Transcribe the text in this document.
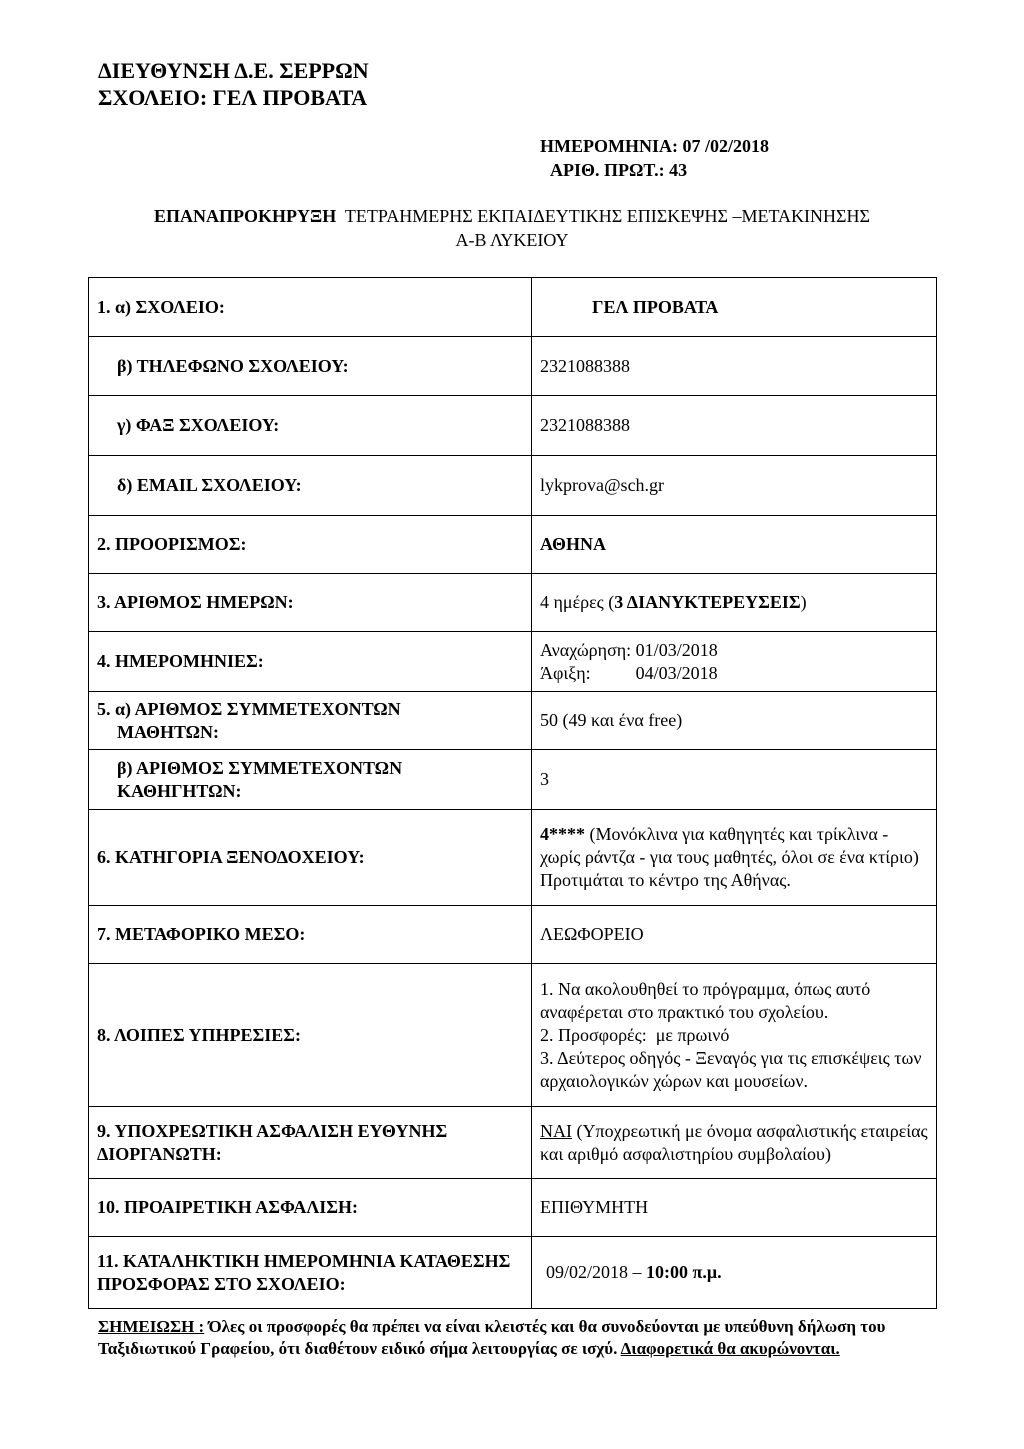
ΔΙΕΥΘΥΝΣΗ Δ.Ε. ΣΕΡΡΩΝ
ΣΧΟΛΕΙΟ: ΓΕΛ ΠΡΟΒΑΤΑ
ΗΜΕΡΟΜΗΝΙΑ: 07 /02/2018
ΑΡΙΘ. ΠΡΩΤ.: 43
ΕΠΑΝΑΠΡΟΚΗΡΥΞΗ ΤΕΤΡΑΗΜΕΡΗΣ ΕΚΠΑΙΔΕΥΤΙΚΗΣ ΕΠΙΣΚΕΨΗΣ –ΜΕΤΑΚΙΝΗΣΗΣ
Α-Β ΛΥΚΕΙΟΥ
1. α) ΣΧΟΛΕΙΟ:	ΓΕΛ ΠΡΟΒΑΤΑ

β) ΤΗΛΕΦΩΝΟ ΣΧΟΛΕΙΟΥ:	2321088388

γ) ΦΑΞ ΣΧΟΛΕΙΟΥ:	2321088388

δ) EMAIL ΣΧΟΛΕΙΟΥ:	lykprova@sch.gr
2. ΠΡΟΟΡΙΣΜΟΣ:	ΑΘΗΝΑ
3. ΑΡΙΘΜΟΣ ΗΜΕΡΩΝ:	4 ημέρες (3 ΔΙΑΝΥΚΤΕΡΕΥΣΕΙΣ)
4. ΗΜΕΡΟΜΗΝΙΕΣ:	Αναχώρηση: 01/03/2018
Άφιξη:          04/03/2018

5. α) ΑΡΙΘΜΟΣ ΣΥΜΜΕΤΕΧΟΝΤΩΝ
ΜΑΘΗΤΩΝ:	50 (49 και ένα free)

β) ΑΡΙΘΜΟΣ ΣΥΜΜΕΤΕΧΟΝΤΩΝ
ΚΑΘΗΓΗΤΩΝ:	3
6. ΚΑΤΗΓΟΡΙΑ ΞΕΝΟΔΟΧΕΙΟΥ:	4**** (Μονόκλινα για καθηγητές και τρίκλινα - χωρίς ράντζα - για τους μαθητές, όλοι σε ένα κτίριο) Προτιμάται το κέντρο της Αθήνας.
7. ΜΕΤΑΦΟΡΙΚΟ ΜΕΣΟ:	ΛΕΩΦΟΡΕΙΟ
8. ΛΟΙΠΕΣ ΥΠΗΡΕΣΙΕΣ:	1. Να ακολουθηθεί το πρόγραμμα, όπως αυτό αναφέρεται στο πρακτικό του σχολείου.
2. Προσφορές:  με πρωινό
3. Δεύτερος οδηγός - Ξεναγός για τις επισκέψεις των αρχαιολογικών χώρων και μουσείων.

9. ΥΠΟΧΡΕΩΤΙΚΗ ΑΣΦΑΛΙΣΗ ΕΥΘΥΝΗΣ
ΔΙΟΡΓΑΝΩΤΗ:	ΝΑΙ (Υποχρεωτική με όνομα ασφαλιστικής εταιρείας και αριθμό ασφαλιστηρίου συμβολαίου)
10. ΠΡΟΑΙΡΕΤΙΚΗ ΑΣΦΑΛΙΣΗ:	ΕΠΙΘΥΜΗΤΗ
11. ΚΑΤΑΛΗΚΤΙΚΗ ΗΜΕΡΟΜΗΝΙΑ ΚΑΤΑΘΕΣΗΣ ΠΡΟΣΦΟΡΑΣ ΣΤΟ ΣΧΟΛΕΙΟ:	09/02/2018 – 10:00 π.μ.
ΣΗΜΕΙΩΣΗ : Όλες οι προσφορές θα πρέπει να είναι κλειστές και θα συνοδεύονται με υπεύθυνη δήλωση του Ταξιδιωτικού Γραφείου, ότι διαθέτουν ειδικό σήμα λειτουργίας σε ισχύ. Διαφορετικά θα ακυρώνονται.
